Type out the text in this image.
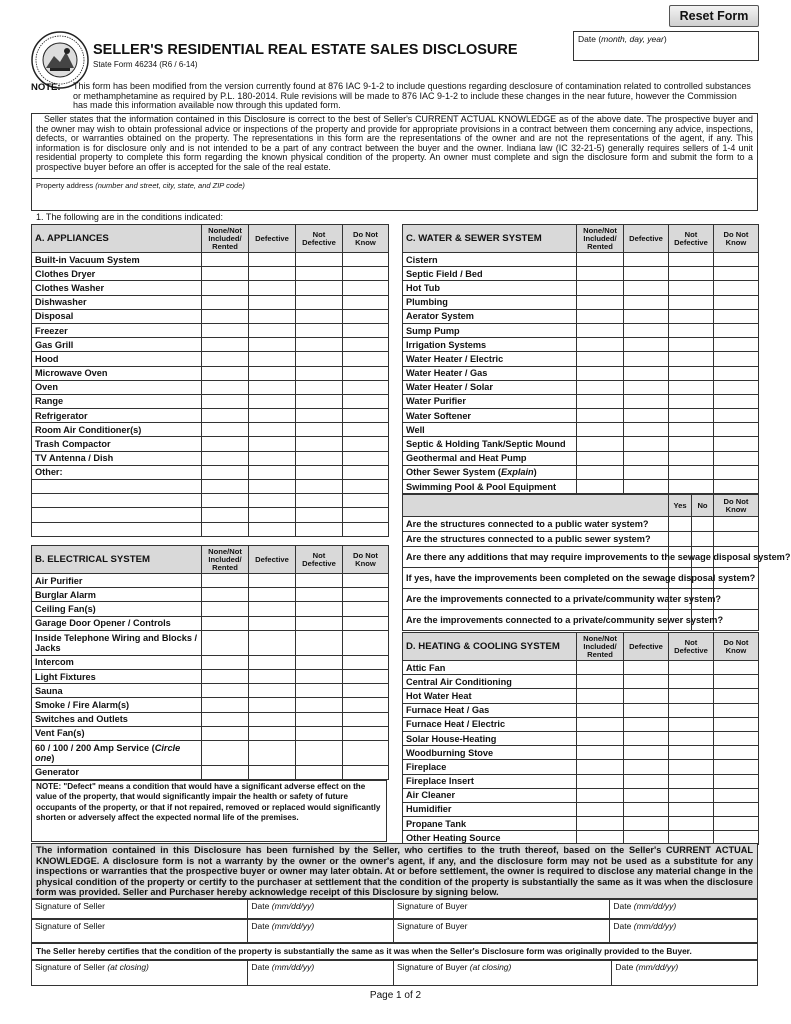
Reset Form
Date (month, day, year)
SELLER'S RESIDENTIAL REAL ESTATE SALES DISCLOSURE
State Form 46234 (R6 / 6-14)
NOTE: This form has been modified from the version currently found at 876 IAC 9-1-2 to include questions regarding desclosure of contamination related to controlled substances or methamphetamine as required by P.L. 180-2014. Rule revisions will be made to 876 IAC 9-1-2 to include these changes in the near future, however the Commission has made this information available now through this updated form.
Seller states that the information contained in this Disclosure is correct to the best of Seller's CURRENT ACTUAL KNOWLEDGE as of the above date. The prospective buyer and the owner may wish to obtain professional advice or inspections of the property and provide for appropriate provisions in a contract between them concerning any advice, inspections, defects, or warranties obtained on the property. The representations in this form are the representations of the owner and are not the representations of the agent, if any. This information is for disclosure only and is not intended to be a part of any contract between the buyer and the owner. Indiana law (IC 32-21-5) generally requires sellers of 1-4 unit residential property to complete this form regarding the known physical condition of the property. An owner must complete and sign the disclosure form and submit the form to a prospective buyer before an offer is accepted for the sale of the real estate.
Property address (number and street, city, state, and ZIP code)
1. The following are in the conditions indicated:
A. APPLIANCES	None/Not Included/ Rented	Defective	Not Defective	Do Not Know
Built-in Vacuum System				
Clothes Dryer				
Clothes Washer				
Dishwasher				
Disposal				
Freezer				
Gas Grill				
Hood				
Microwave Oven				
Oven				
Range				
Refrigerator				
Room Air Conditioner(s)				
Trash Compactor				
TV Antenna / Dish				
Other:				

B. ELECTRICAL SYSTEM	None/Not Included/ Rented	Defective	Not Defective	Do Not Know
Air Purifier				
Burglar Alarm				
Ceiling Fan(s)				
Garage Door Opener / Controls				
Inside Telephone Wiring and Blocks / Jacks				
Intercom				
Light Fixtures				
Sauna				
Smoke / Fire Alarm(s)				
Switches and Outlets				
Vent Fan(s)				
60 / 100 / 200 Amp Service (Circle one)				
Generator				
NOTE: "Defect" means a condition that would have a significant adverse effect on the value of the property, that would significantly impair the health or safety of future occupants of the property, or that if not repaired, removed or replaced would significantly shorten or adversely affect the expected normal life of the premises.
C. WATER & SEWER SYSTEM	None/Not Included/ Rented	Defective	Not Defective	Do Not Know
Cistern				
Septic Field / Bed				
Hot Tub				
Plumbing				
Aerator System				
Sump Pump				
Irrigation Systems				
Water Heater / Electric				
Water Heater / Gas				
Water Heater / Solar				
Water Purifier				
Water Softener				
Well				
Septic & Holding Tank/Septic Mound				
Geothermal and Heat Pump				
Other Sewer System (Explain)				
Swimming Pool & Pool Equipment				
	Yes	No	Do Not Know
Are the structures connected to a public water system?			
Are the structures connected to a public sewer system?			
Are there any additions that may require improvements to the sewage disposal system?			
If yes, have the improvements been completed on the sewage disposal system?			
Are the improvements connected to a private/community water system?			
Are the improvements connected to a private/community sewer system?			
D. HEATING & COOLING SYSTEM	None/Not Included/ Rented	Defective	Not Defective	Do Not Know
Attic Fan				
Central Air Conditioning				
Hot Water Heat				
Furnace Heat / Gas				
Furnace Heat / Electric				
Solar House-Heating				
Woodburning Stove				
Fireplace				
Fireplace Insert				
Air Cleaner				
Humidifier				
Propane Tank				
Other Heating Source				
The information contained in this Disclosure has been furnished by the Seller, who certifies to the truth thereof, based on the Seller's CURRENT ACTUAL KNOWLEDGE. A disclosure form is not a warranty by the owner or the owner's agent, if any, and the disclosure form may not be used as a substitute for any inspections or warranties that the prospective buyer or owner may later obtain. At or before settlement, the owner is required to disclose any material change in the physical condition of the property or certify to the purchaser at settlement that the condition of the property is substantially the same as it was when the disclosure form was provided. Seller and Purchaser hereby acknowledge receipt of this Disclosure by signing below.
Signature of Seller	Date (mm/dd/yy)	Signature of Buyer	Date (mm/dd/yy)
Signature of Seller	Date (mm/dd/yy)	Signature of Buyer	Date (mm/dd/yy)
The Seller hereby certifies that the condition of the property is substantially the same as it was when the Seller's Disclosure form was originally provided to the Buyer.
Signature of Seller (at closing)	Date (mm/dd/yy)	Signature of Buyer (at closing)	Date (mm/dd/yy)
Page 1 of 2
